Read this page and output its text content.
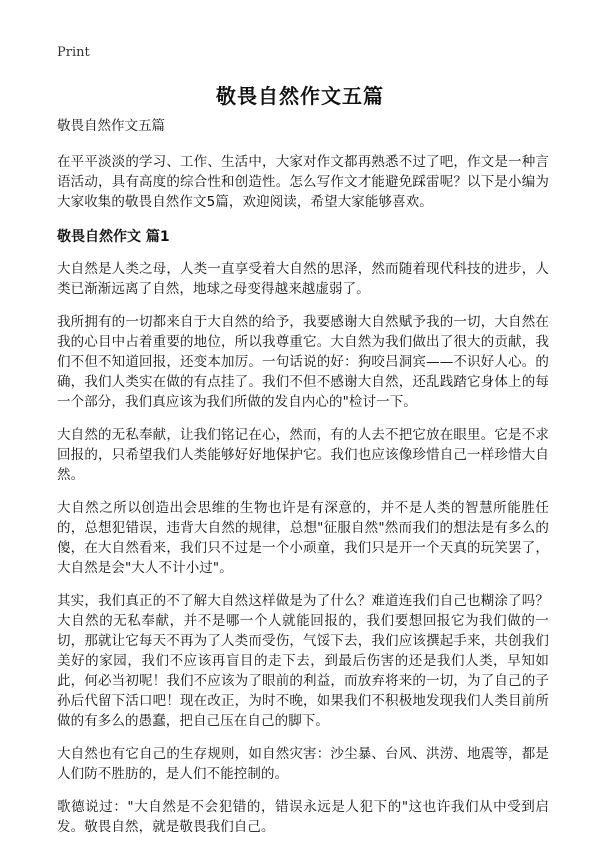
Print
敬畏自然作文五篇

敬畏自然作文五篇

在平平淡淡的学习、工作、生活中，大家对作文都再熟悉不过了吧，作文是一种言语活动，具有高度的综合性和创造性。怎么写作文才能避免踩雷呢？以下是小编为大家收集的敬畏自然作文5篇，欢迎阅读，希望大家能够喜欢。

敬畏自然作文 篇1

大自然是人类之母，人类一直享受着大自然的思泽，然而随着现代科技的进步，人类已渐渐远离了自然，地球之母变得越来越虚弱了。

我所拥有的一切都来自于大自然的给予，我要感谢大自然赋予我的一切，大自然在我的心目中占着重要的地位，所以我尊重它。大自然为我们做出了很大的贡献，我们不但不知道回报，还变本加厉。一句话说的好：狗咬吕洞宾——不识好人心。的确，我们人类实在做的有点挂了。我们不但不感谢大自然，还乱践踏它身体上的每一个部分，我们真应该为我们所做的发自内心的"检讨一下。

大自然的无私奉献，让我们铭记在心，然而，有的人去不把它放在眼里。它是不求回报的，只希望我们人类能够好好地保护它。我们也应该像珍惜自己一样珍惜大自然。

大自然之所以创造出会思维的生物也许是有深意的，并不是人类的智慧所能胜任的，总想犯错误，违背大自然的规律，总想"征服自然"然而我们的想法是有多么的傻，在大自然看来，我们只不过是一个小顽童，我们只是开一个天真的玩笑罢了，大自然是会"大人不计小过"。

其实，我们真正的不了解大自然这样做是为了什么？难道连我们自己也糊涂了吗？大自然的无私奉献，并不是哪一个人就能回报的，我们要想回报它为我们做的一切，那就让它每天不再为了人类而受伤，气馁下去，我们应该撰起手来，共创我们美好的家园，我们不应该再盲目的走下去，到最后伤害的还是我们人类，早知如此，何必当初呢！我们不应该为了眼前的利益，而放弃将来的一切，为了自己的子孙后代留下活口吧！现在改正，为时不晚，如果我们不积极地发现我们人类目前所做的有多么的愚蠢，把自己压在自己的脚下。

大自然也有它自己的生存规则，如自然灾害：沙尘暴、台风、洪涝、地震等，都是人们防不胜肪的，是人们不能控制的。

歌德说过："大自然是不会犯错的，错误永远是人犯下的"这也许我们从中受到启发。敬畏自然，就是敬畏我们自己。
